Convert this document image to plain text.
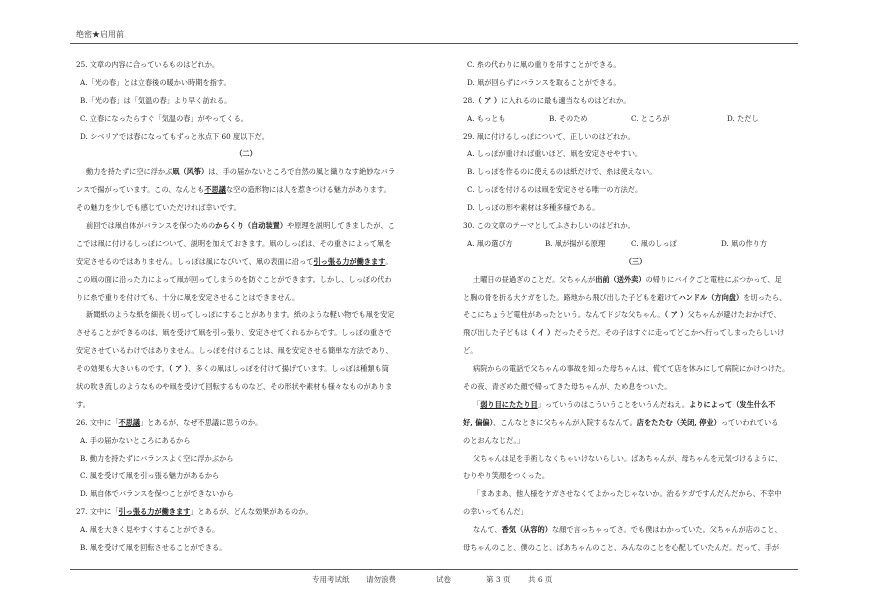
绝密★启用前
25. 文章の内容に合っているものはどれか。
A.「光の春」とは立春後の暖かい時期を指す。
B.「光の春」は「気温の春」より早く訪れる。
C. 立春になったらすぐ「気温の春」がやってくる。
D. シベリアでは春になってもずっと氷点下 60 度以下だ。
（二）
動力を持たずに空に浮かぶ凧（风筝）は、手の届かないところで自然の風と織りなす絶妙なバラ
ンスで揚がっています。この、なんとも不思議な空の造形物には人を惹きつける魅力があります。
その魅力を少しでも感じていただければ幸いです。
前回では凧自体がバランスを保つためのからくり（自动装置）や原理を説明してきましたが、こ
こでは凧に付けるしっぽについて、説明を加えておきます。凧のしっぽは、その重さによって凧を
安定させるのではありません。しっぽは風になびいて、凧の表面に沿って引っ張る力が働きます。
この凧の面に沿った力によって凧が回ってしまうのを防ぐことができます。しかし、しっぽの代わ
りに糸で重りを付けても、十分に凧を安定させることはできません。
新聞紙のような紙を細長く切ってしっぽにすることがあります。紙のような軽い物でも凧を安定
させることができるのは、凧を受けて凧を引っ張り、安定させてくれるからです。しっぽの重さで
安定させているわけではありません。しっぽを付けることは、凧を安定させる簡単な方法であり、
その効果も大きいものです。（ ア ）、多くの凧はしっぽを付けて揚げています。しっぽは種類も筒
状の吹き流しのようなものや凧を受けて回転するものなど、その形状や素材も様々なものがありま
す。
26. 文中に「不思議」とあるが、なぜ不思議に思うのか。
A. 手の届かないところにあるから
B. 動力を持たずにバランスよく空に浮かぶから
C. 風を受けて凧を引っ張る魅力があるから
D. 凧自体でバランスを保つことができないから
27. 文中に「引っ張る力が働きます」とあるが、どんな効果があるのか。
A. 凧を大きく見やすくすることができる。
B. 凧を受けて凧を回転させることができる。
C. 糸の代わりに凧の重りを吊すことができる。
D. 凧が回らずにバランスを取ることができる。
28.（ ア ）に入れるのに最も適当なものはどれか。
A. もっとも	B. そのため	C. ところが	D. ただし
29. 凧に付けるしっぽについて、正しいのはどれか。
A. しっぽが重ければ重いほど、凧を安定させやすい。
B. しっぽを作るのに使えるのは紙だけで、糸は使えない。
C. しっぽを付けるのは凧を安定させる唯一の方法だ。
D. しっぽの形や素材は多種多様である。
30. この文章のテーマとしてふさわしいのはどれか。
A. 凧の選び方	B. 凧が揚がる原理	C. 凧のしっぽ	D. 凧の作り方
（三）
土曜日の昼過ぎのことだ。父ちゃんが出前（送外卖）の帰りにバイクごと電柱にぶつかって、足
と胸の骨を折る大ケガをした。路地から飛び出した子どもを避けてハンドル（方向盘）を切ったら、
そこにちょうど電柱があったという。なんてドジな父ちゃん。（ ア ）父ちゃんが避けたおかげで、
飛び出した子どもは（ イ ）だったそうだ。その子はすぐに走ってどこかへ行ってしまったらしいけ
ど。
病院からの電話で父ちゃんの事故を知った母ちゃんは、慌てて店を休みにして病院にかけつけた。
その夜、青ざめた顔で帰ってきた母ちゃんが、ため息をついた。
「弱り目にたたり目」っていうのはこういうことをいうんだねえ。よりによって（发生什么不
好, 偏偏）、こんなときに父ちゃんが入院するなんて。店をたたむ（关闭, 停业）っていわれている
のとおんなじだ。」
父ちゃんは足を手術しなくちゃいけないらしい。ばあちゃんが、母ちゃんを元気づけるように、
むりやり笑顔をつくった。
「まあまあ、他人様をケガさせなくてよかったじゃないか。治るケガですんだんだから、不幸中
の幸いってもんだ」
なんて、香気（从容的）な顔で言っちゃってさ。でも僕はわかっていた。父ちゃんが店のこと、
母ちゃんのこと、僕のこと、ばあちゃんのこと、みんなのことを心配していたんだ。だって、手が
专用考试纸 请勿浪费	试卷	第 3 页 共 6 页
